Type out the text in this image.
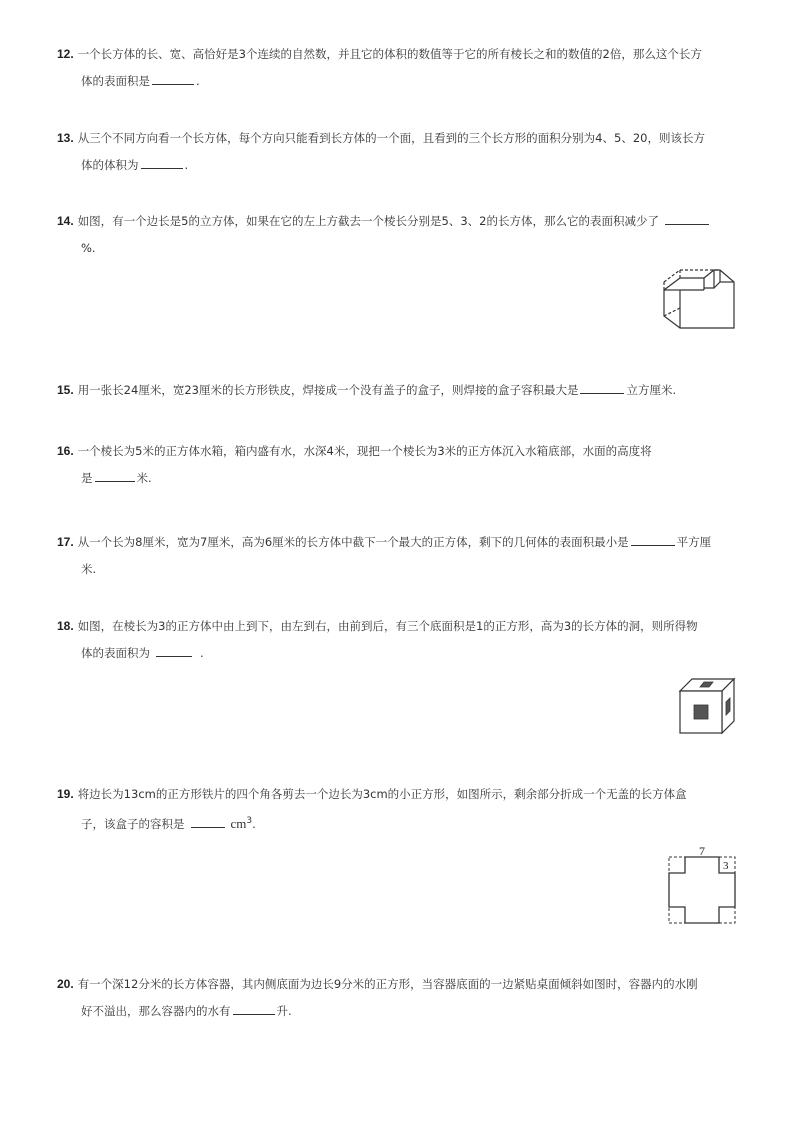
12. 一个长方体的长、宽、高恰好是3个连续的自然数，并且它的体积的数值等于它的所有棱长之和的数值的2倍，那么这个长方
体的表面积是	.
13. 从三个不同方向看一个长方体，每个方向只能看到长方体的一个面，且看到的三个长方形的面积分别为4、5、20，则该长方
体的体积为	.
14. 如图，有一个边长是5的立方体，如果在它的左上方截去一个棱长分别是5、3、2的长方体，那么它的表面积减少了
%.
15. 用一张长24厘米，宽23厘米的长方形铁皮，焊接成一个没有盖子的盒子，则焊接的盒子容积最大是	立方厘米.
16. 一个棱长为5米的正方体水箱，箱内盛有水，水深4米，现把一个棱长为3米的正方体沉入水箱底部，水面的高度将
是	米.
17. 从一个长为8厘米，宽为7厘米，高为6厘米的长方体中截下一个最大的正方体，剩下的几何体的表面积最小是	平方厘
米.
18. 如图，在棱长为3的正方体中由上到下，由左到右，由前到后，有三个底面积是1的正方形，高为3的长方体的洞，则所得物
体的表面积为	.
19. 将边长为13cm的正方形铁片的四个角各剪去一个边长为3cm的小正方形，如图所示，剩余部分折成一个无盖的长方体盒
子，该盒子的容积是	$cm^3$.
7
3
20. 有一个深12分米的长方体容器，其内侧底面为边长9分米的正方形，当容器底面的一边紧贴桌面倾斜如图时，容器内的水刚
好不溢出，那么容器内的水有	升.
